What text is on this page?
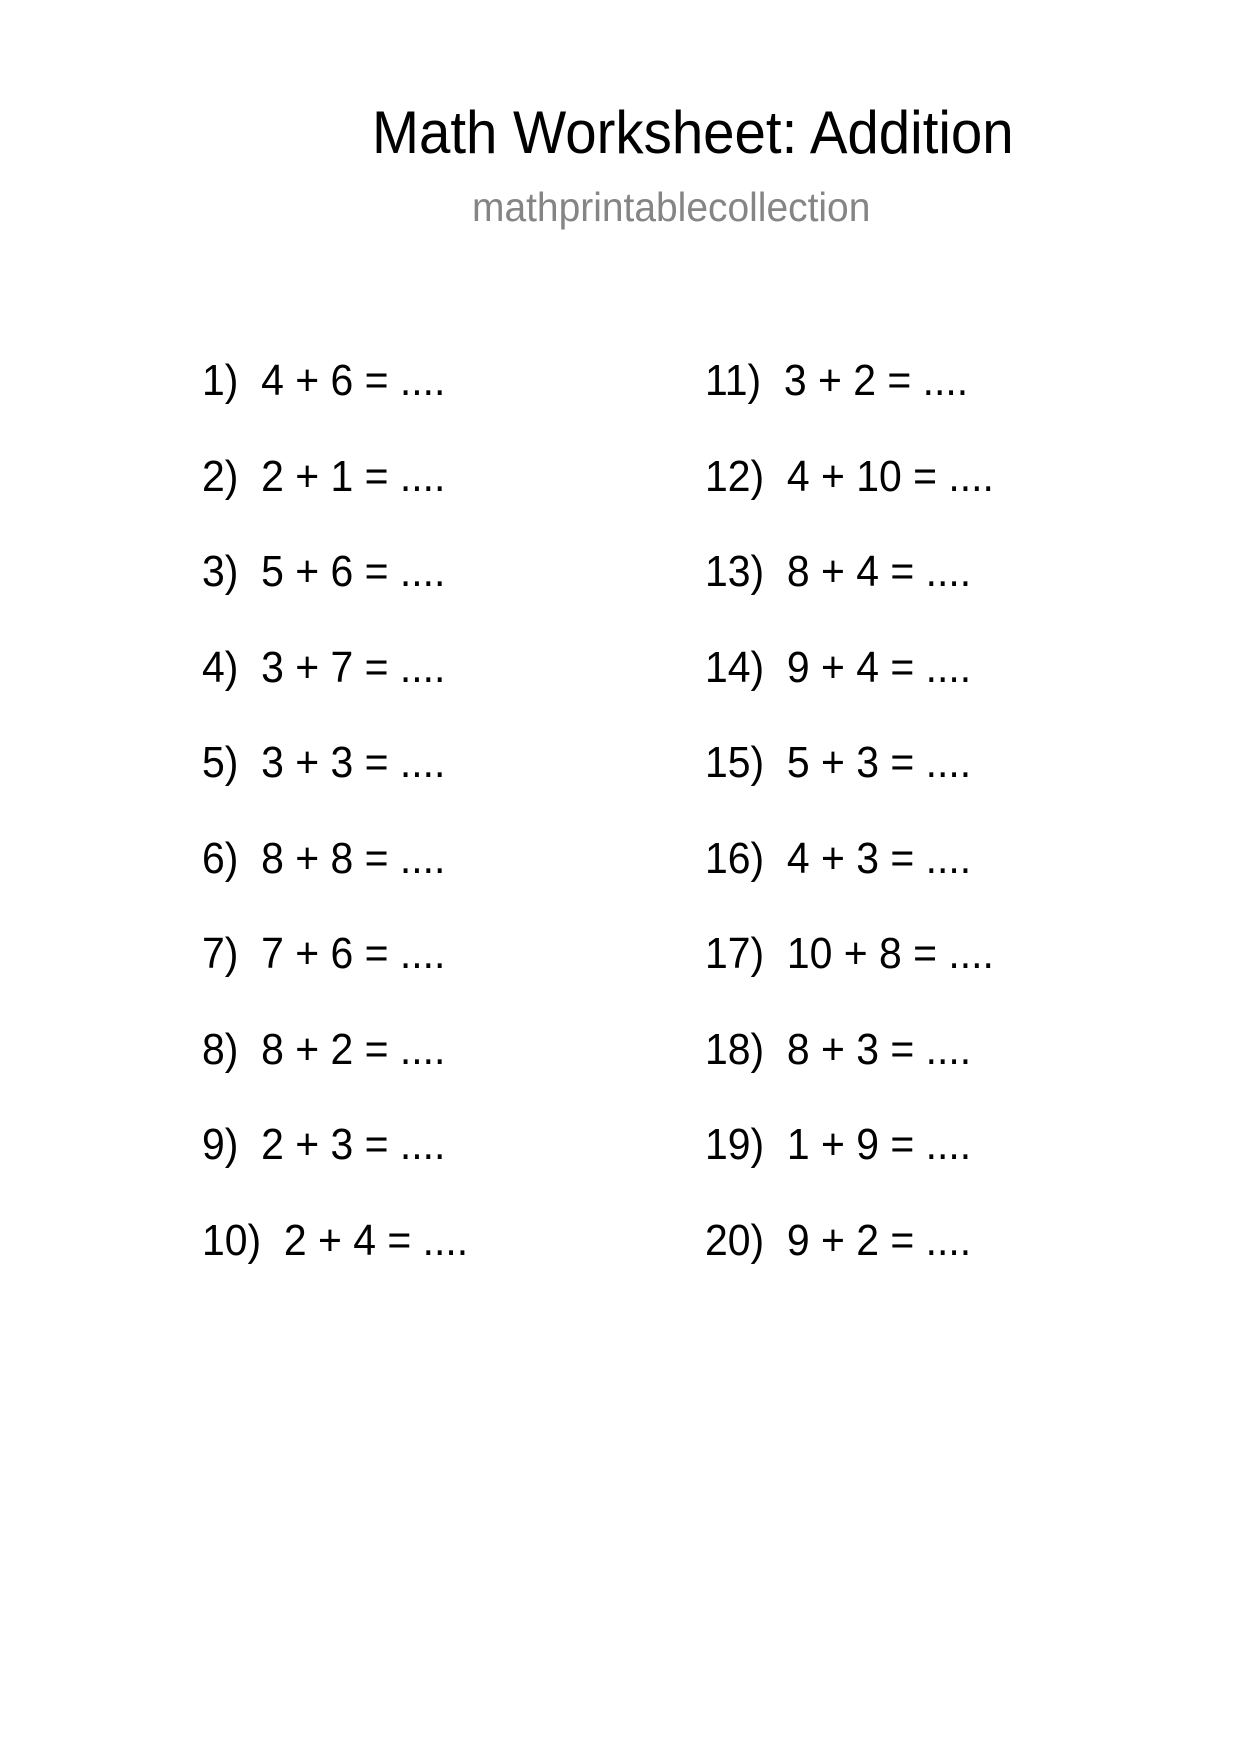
Math Worksheet: Addition
mathprintablecollection
1)  4 + 6 = ....
2)  2 + 1 = ....
3)  5 + 6 = ....
4)  3 + 7 = ....
5)  3 + 3 = ....
6)  8 + 8 = ....
7)  7 + 6 = ....
8)  8 + 2 = ....
9)  2 + 3 = ....
10)  2 + 4 = ....
11)  3 + 2 = ....
12)  4 + 10 = ....
13)  8 + 4 = ....
14)  9 + 4 = ....
15)  5 + 3 = ....
16)  4 + 3 = ....
17)  10 + 8 = ....
18)  8 + 3 = ....
19)  1 + 9 = ....
20)  9 + 2 = ....
